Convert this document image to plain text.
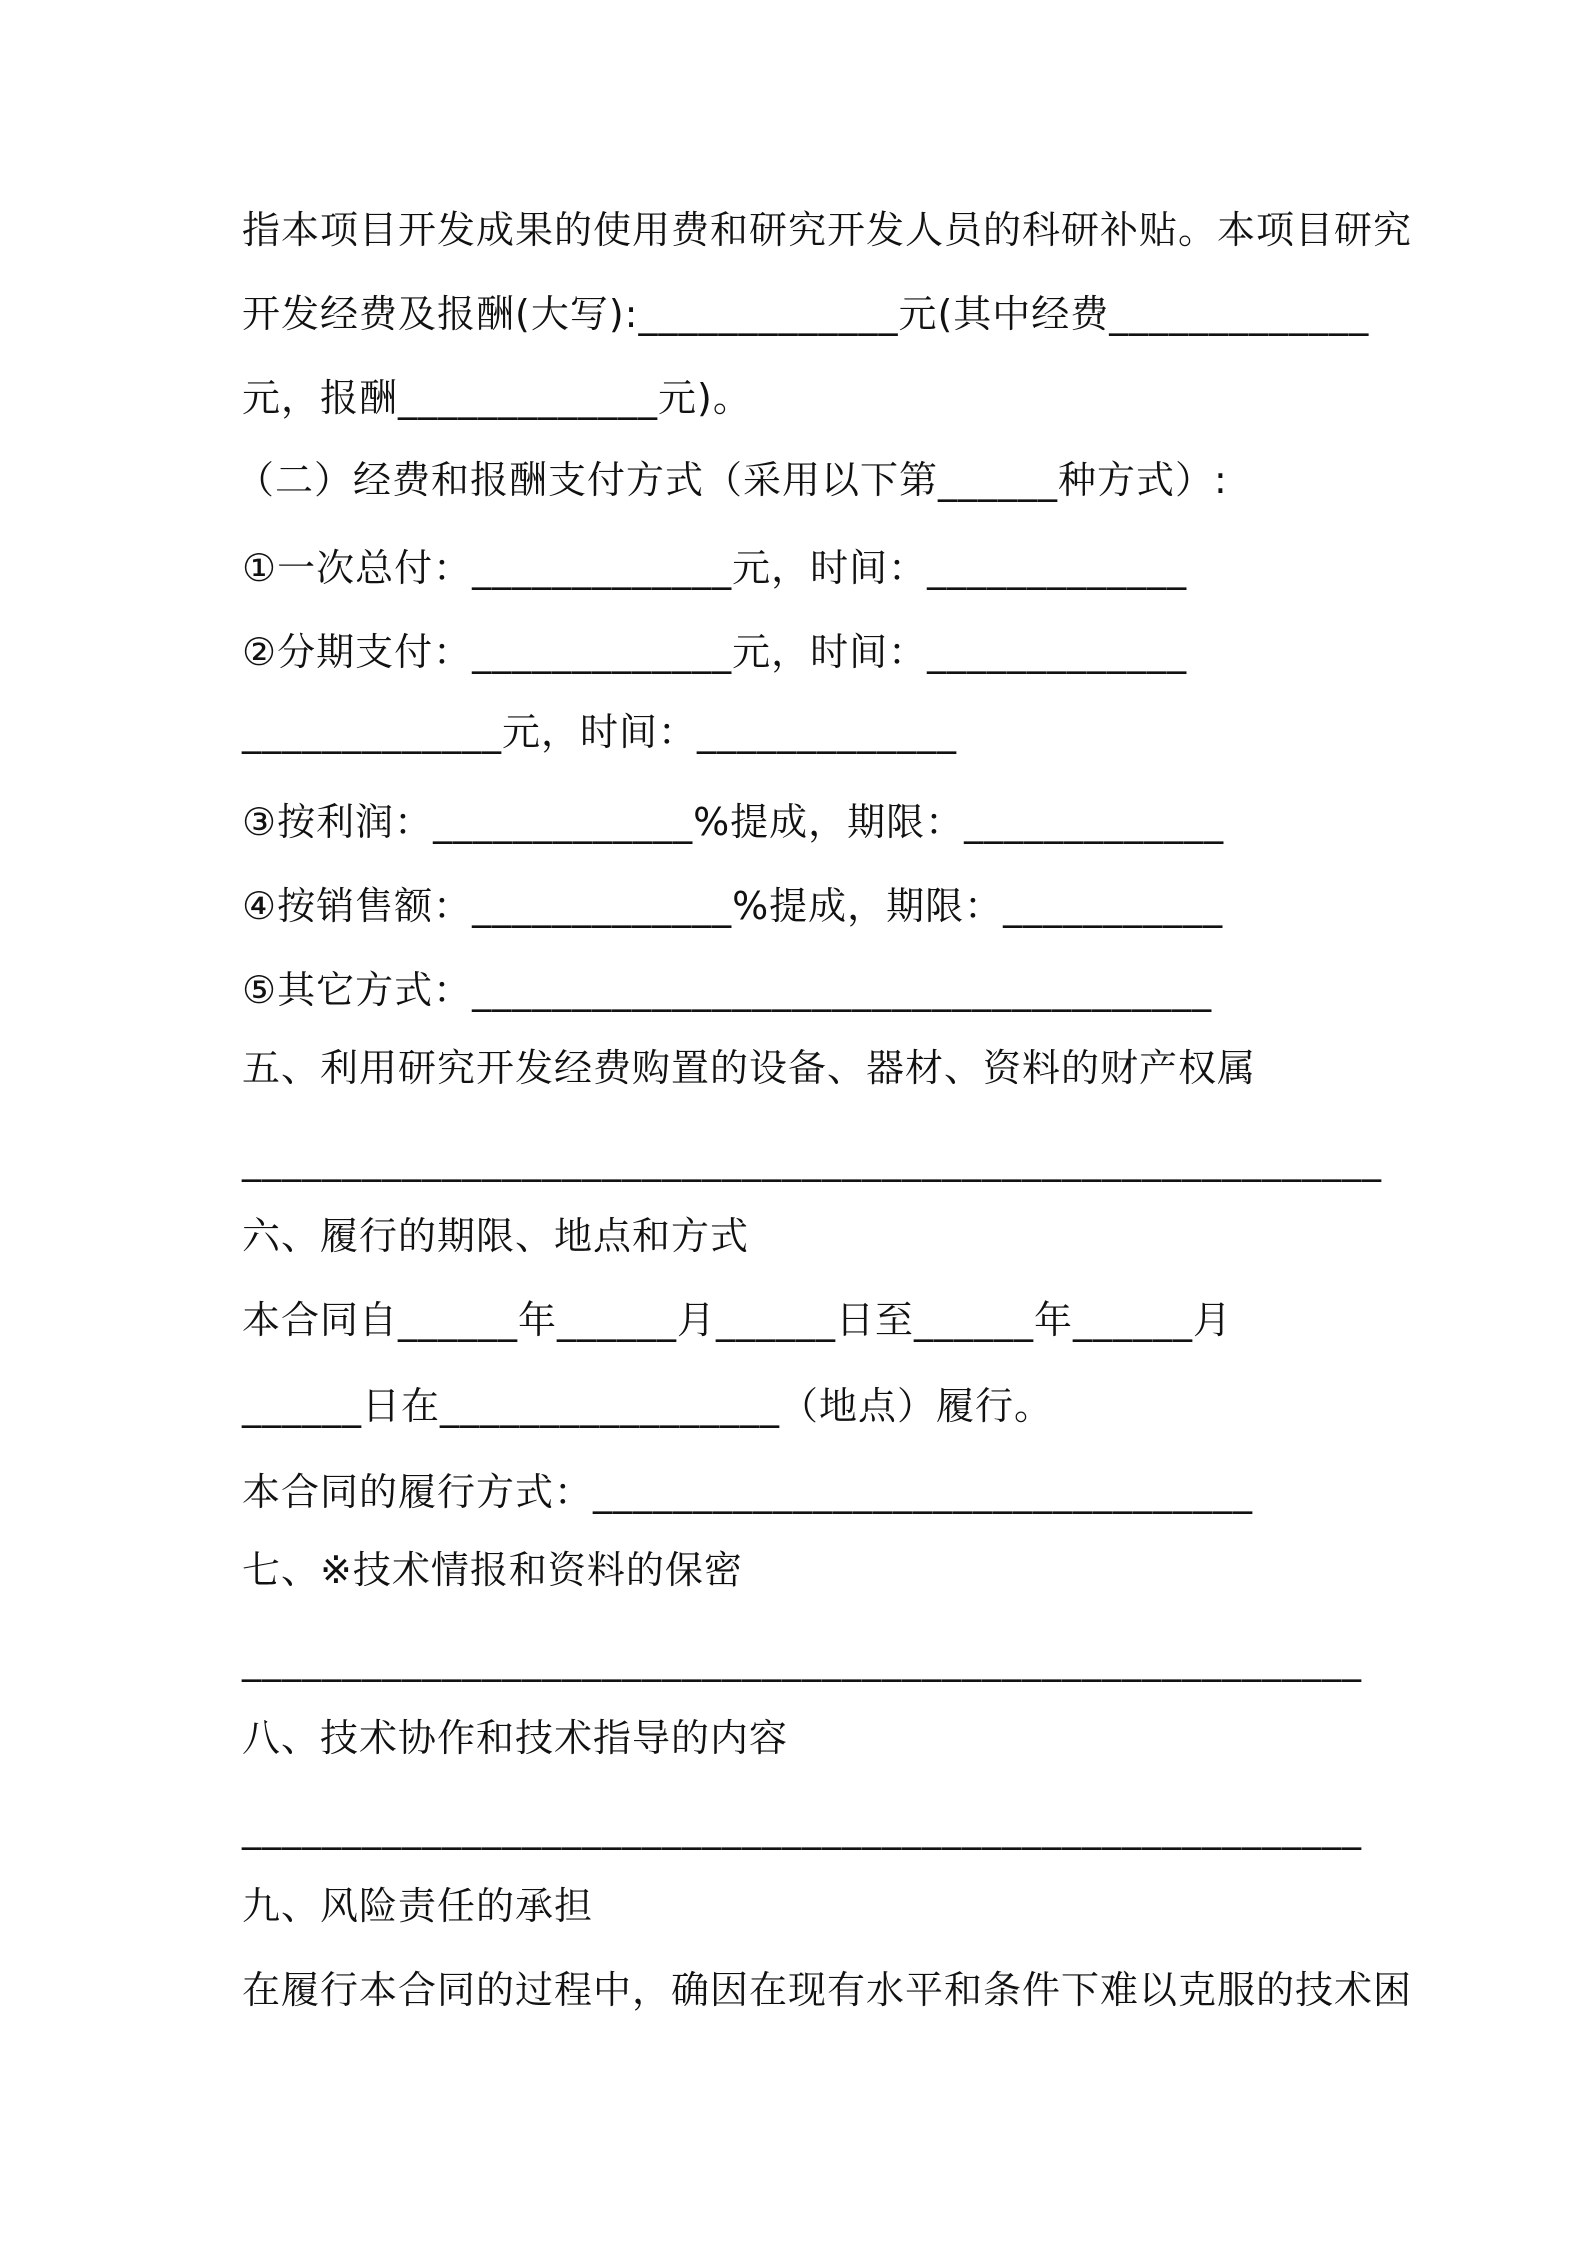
指本项目开发成果的使用费和研究开发人员的科研补贴。本项目研究
开发经费及报酬(大写):_____________元(其中经费_____________
元，报酬_____________元)。
（二）经费和报酬支付方式（采用以下第______种方式）:
①一次总付：_____________元，时间：_____________
②分期支付：_____________元，时间：_____________
_____________元，时间：_____________
③按利润：_____________%提成，期限：_____________
④按销售额：_____________%提成，期限：___________
⑤其它方式：_____________________________________
五、利用研究开发经费购置的设备、器材、资料的财产权属
_________________________________________________________
六、履行的期限、地点和方式
本合同自______年______月______日至______年______月
______日在_________________（地点）履行。
本合同的履行方式：_________________________________
七、※技术情报和资料的保密
________________________________________________________
八、技术协作和技术指导的内容
________________________________________________________
九、风险责任的承担
在履行本合同的过程中，确因在现有水平和条件下难以克服的技术困
